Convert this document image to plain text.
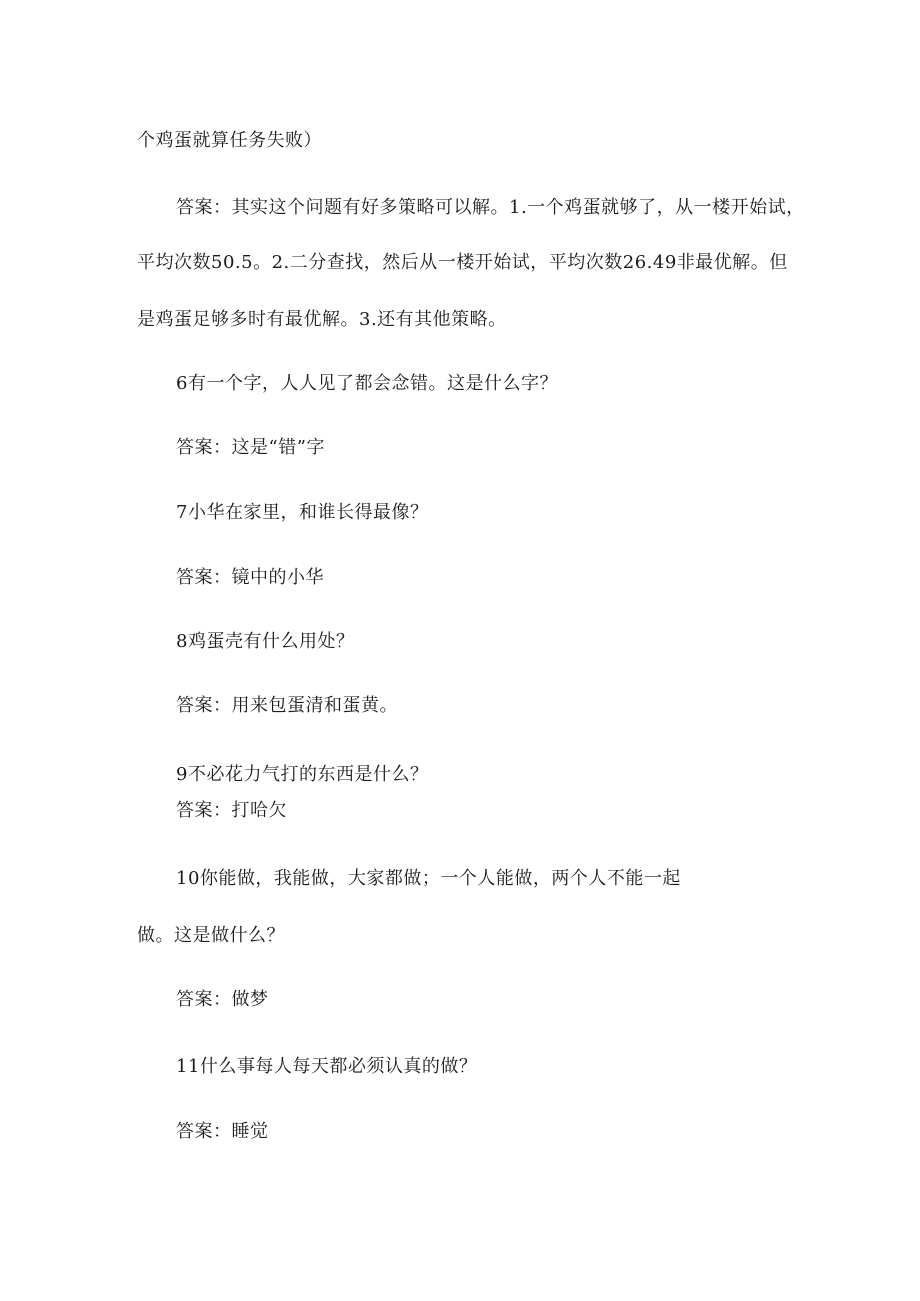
个鸡蛋就算任务失败）
答案：其实这个问题有好多策略可以解。1.一个鸡蛋就够了，从一楼开始试，
平均次数50.5。2.二分查找，然后从一楼开始试，平均次数26.49非最优解。但
是鸡蛋足够多时有最优解。3.还有其他策略。
6有一个字，人人见了都会念错。这是什么字？
答案：这是“错”字
7小华在家里，和谁长得最像？
答案：镜中的小华
8鸡蛋壳有什么用处？
答案：用来包蛋清和蛋黄。
9不必花力气打的东西是什么？
答案：打哈欠
10你能做，我能做，大家都做；一个人能做，两个人不能一起
做。这是做什么？
答案：做梦
11什么事每人每天都必须认真的做？
答案：睡觉
